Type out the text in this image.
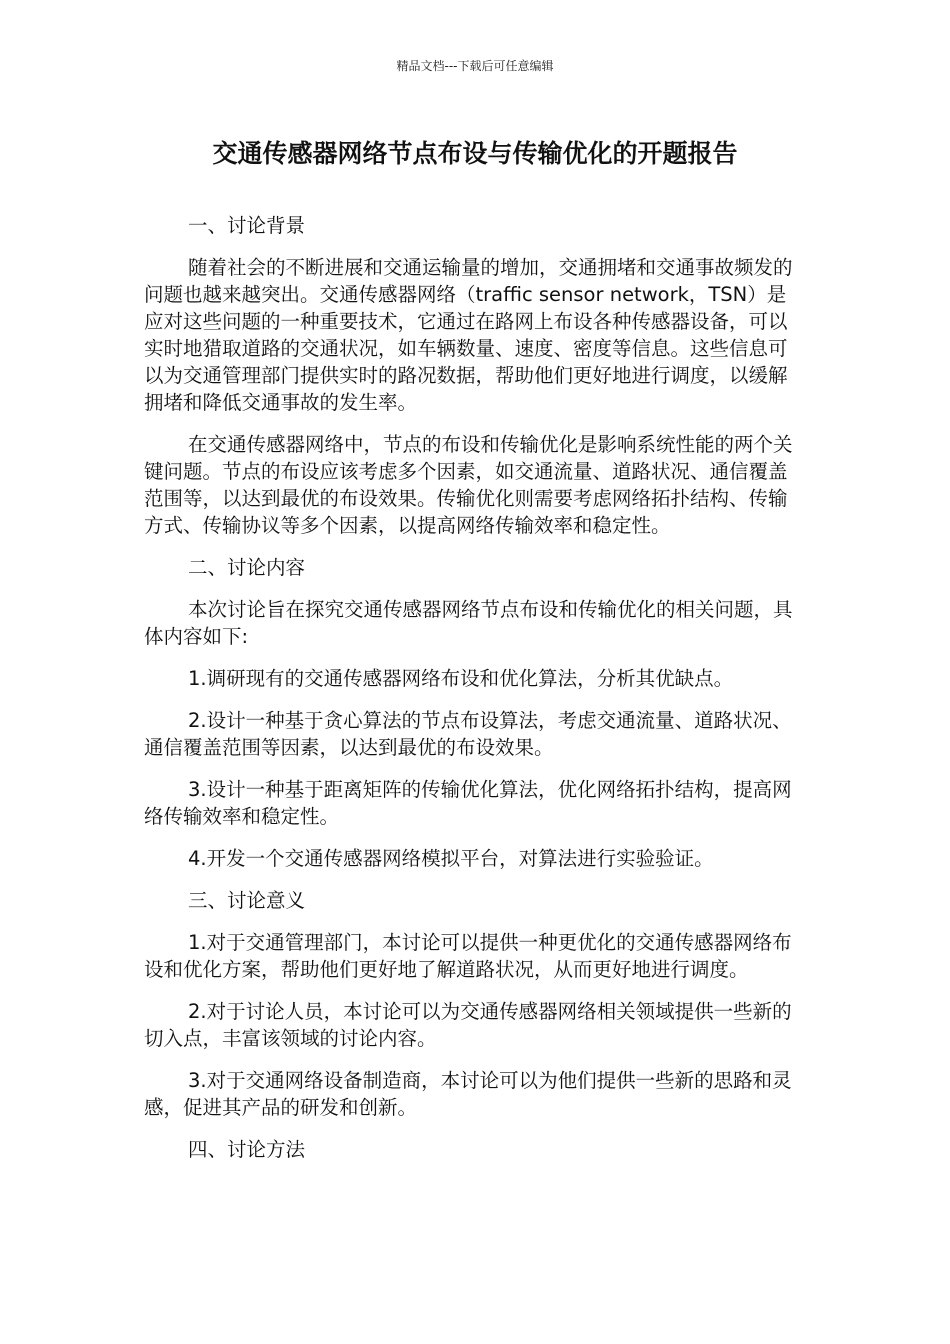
精品文档---下载后可任意编辑
交通传感器网络节点布设与传输优化的开题报告

一、讨论背景

随着社会的不断进展和交通运输量的增加，交通拥堵和交通事故频发的问题也越来越突出。交通传感器网络（traffic sensor network，TSN）是应对这些问题的一种重要技术，它通过在路网上布设各种传感器设备，可以实时地猎取道路的交通状况，如车辆数量、速度、密度等信息。这些信息可以为交通管理部门提供实时的路况数据，帮助他们更好地进行调度，以缓解拥堵和降低交通事故的发生率。

在交通传感器网络中，节点的布设和传输优化是影响系统性能的两个关键问题。节点的布设应该考虑多个因素，如交通流量、道路状况、通信覆盖范围等，以达到最优的布设效果。传输优化则需要考虑网络拓扑结构、传输方式、传输协议等多个因素，以提高网络传输效率和稳定性。

二、讨论内容

本次讨论旨在探究交通传感器网络节点布设和传输优化的相关问题，具体内容如下:

1.调研现有的交通传感器网络布设和优化算法，分析其优缺点。

2.设计一种基于贪心算法的节点布设算法，考虑交通流量、道路状况、通信覆盖范围等因素，以达到最优的布设效果。

3.设计一种基于距离矩阵的传输优化算法，优化网络拓扑结构，提高网络传输效率和稳定性。

4.开发一个交通传感器网络模拟平台，对算法进行实验验证。

三、讨论意义

1.对于交通管理部门，本讨论可以提供一种更优化的交通传感器网络布设和优化方案，帮助他们更好地了解道路状况，从而更好地进行调度。

2.对于讨论人员，本讨论可以为交通传感器网络相关领域提供一些新的切入点，丰富该领域的讨论内容。

3.对于交通网络设备制造商，本讨论可以为他们提供一些新的思路和灵感，促进其产品的研发和创新。

四、讨论方法
